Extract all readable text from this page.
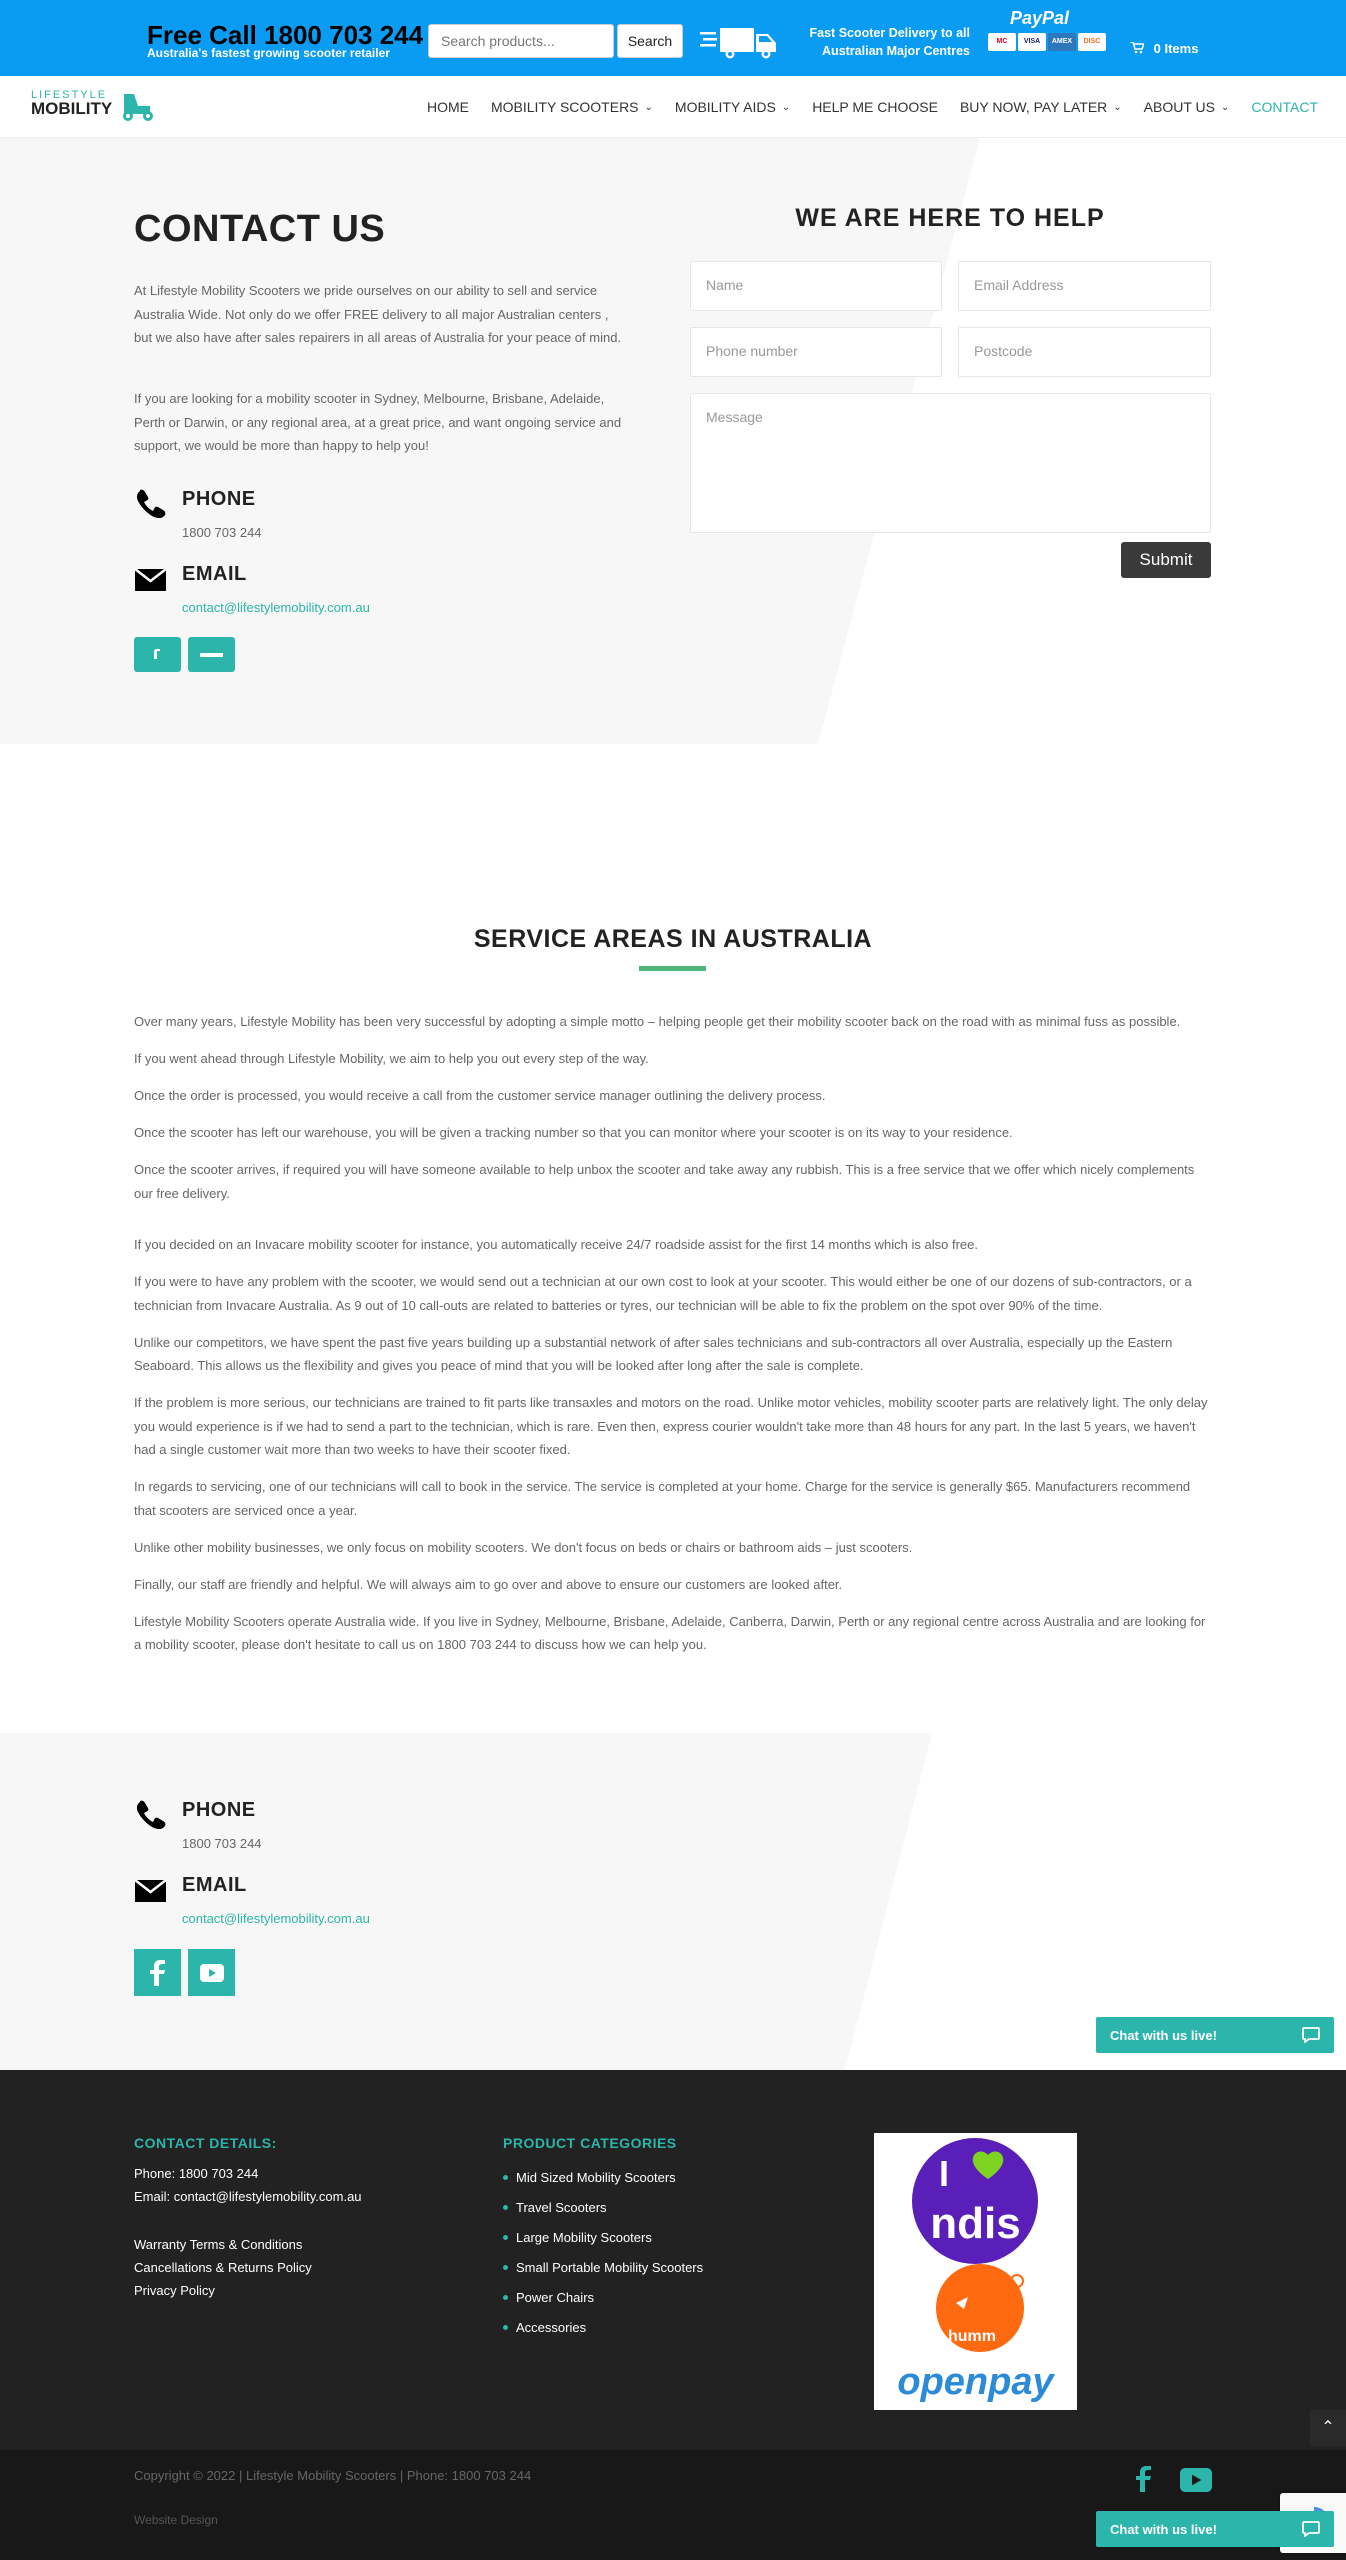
Free Call 1800 703 244
Australia's fastest growing scooter retailer
Search products...
Search	Fast Scooter Delivery to all
Australian Major Centres
PayPal
MC	VISA	AMEX	DISC	0 Items
LIFESTYLE
MOBILITY	HOME MOBILITY SCOOTERS ⌄ MOBILITY AIDS ⌄ HELP ME CHOOSE BUY NOW, PAY LATER ⌄ ABOUT US ⌄ CONTACT
CONTACT US

At Lifestyle Mobility Scooters we pride ourselves on our ability to sell and service Australia Wide. Not only do we offer FREE delivery to all major Australian centers , but we also have after sales repairers in all areas of Australia for your peace of mind.

If you are looking for a mobility scooter in Sydney, Melbourne, Brisbane, Adelaide, Perth or Darwin, or any regional area, at a great price, and want ongoing service and support, we would be more than happy to help you!

PHONE
1800 703 244
EMAIL
contact@lifestylemobility.com.au
WE ARE HERE TO HELP
Name	Email Address
Phone number	Postcode
Message
Submit
SERVICE AREAS IN AUSTRALIA

Over many years, Lifestyle Mobility has been very successful by adopting a simple motto – helping people get their mobility scooter back on the road with as minimal fuss as possible.

If you went ahead through Lifestyle Mobility, we aim to help you out every step of the way.

Once the order is processed, you would receive a call from the customer service manager outlining the delivery process.

Once the scooter has left our warehouse, you will be given a tracking number so that you can monitor where your scooter is on its way to your residence.

Once the scooter arrives, if required you will have someone available to help unbox the scooter and take away any rubbish. This is a free service that we offer which nicely complements our free delivery.

If you decided on an Invacare mobility scooter for instance, you automatically receive 24/7 roadside assist for the first 14 months which is also free.

If you were to have any problem with the scooter, we would send out a technician at our own cost to look at your scooter. This would either be one of our dozens of sub-contractors, or a technician from Invacare Australia. As 9 out of 10 call-outs are related to batteries or tyres, our technician will be able to fix the problem on the spot over 90% of the time.

Unlike our competitors, we have spent the past five years building up a substantial network of after sales technicians and sub-contractors all over Australia, especially up the Eastern Seaboard. This allows us the flexibility and gives you peace of mind that you will be looked after long after the sale is complete.

If the problem is more serious, our technicians are trained to fit parts like transaxles and motors on the road. Unlike motor vehicles, mobility scooter parts are relatively light. The only delay you would experience is if we had to send a part to the technician, which is rare. Even then, express courier wouldn't take more than 48 hours for any part. In the last 5 years, we haven't had a single customer wait more than two weeks to have their scooter fixed.

In regards to servicing, one of our technicians will call to book in the service. The service is completed at your home. Charge for the service is generally $65. Manufacturers recommend that scooters are serviced once a year.

Unlike other mobility businesses, we only focus on mobility scooters. We don't focus on beds or chairs or bathroom aids – just scooters.

Finally, our staff are friendly and helpful. We will always aim to go over and above to ensure our customers are looked after.

Lifestyle Mobility Scooters operate Australia wide. If you live in Sydney, Melbourne, Brisbane, Adelaide, Canberra, Darwin, Perth or any regional centre across Australia and are looking for a mobility scooter, please don't hesitate to call us on 1800 703 244 to discuss how we can help you.

PHONE
1800 703 244
EMAIL
contact@lifestylemobility.com.au
Chat with us live!
CONTACT DETAILS:
Phone: 1800 703 244
Email: contact@lifestylemobility.com.au
Warranty Terms & Conditions
Cancellations & Returns Policy
Privacy Policy
PRODUCT CATEGORIES
Mid Sized Mobility Scooters
Travel Scooters
Large Mobility Scooters
Small Portable Mobility Scooters
Power Chairs
Accessories
I
ndis
humm
openpay
⌃
Copyright © 2022 | Lifestyle Mobility Scooters | Phone: 1800 703 244
Website Design
Chat with us live!
